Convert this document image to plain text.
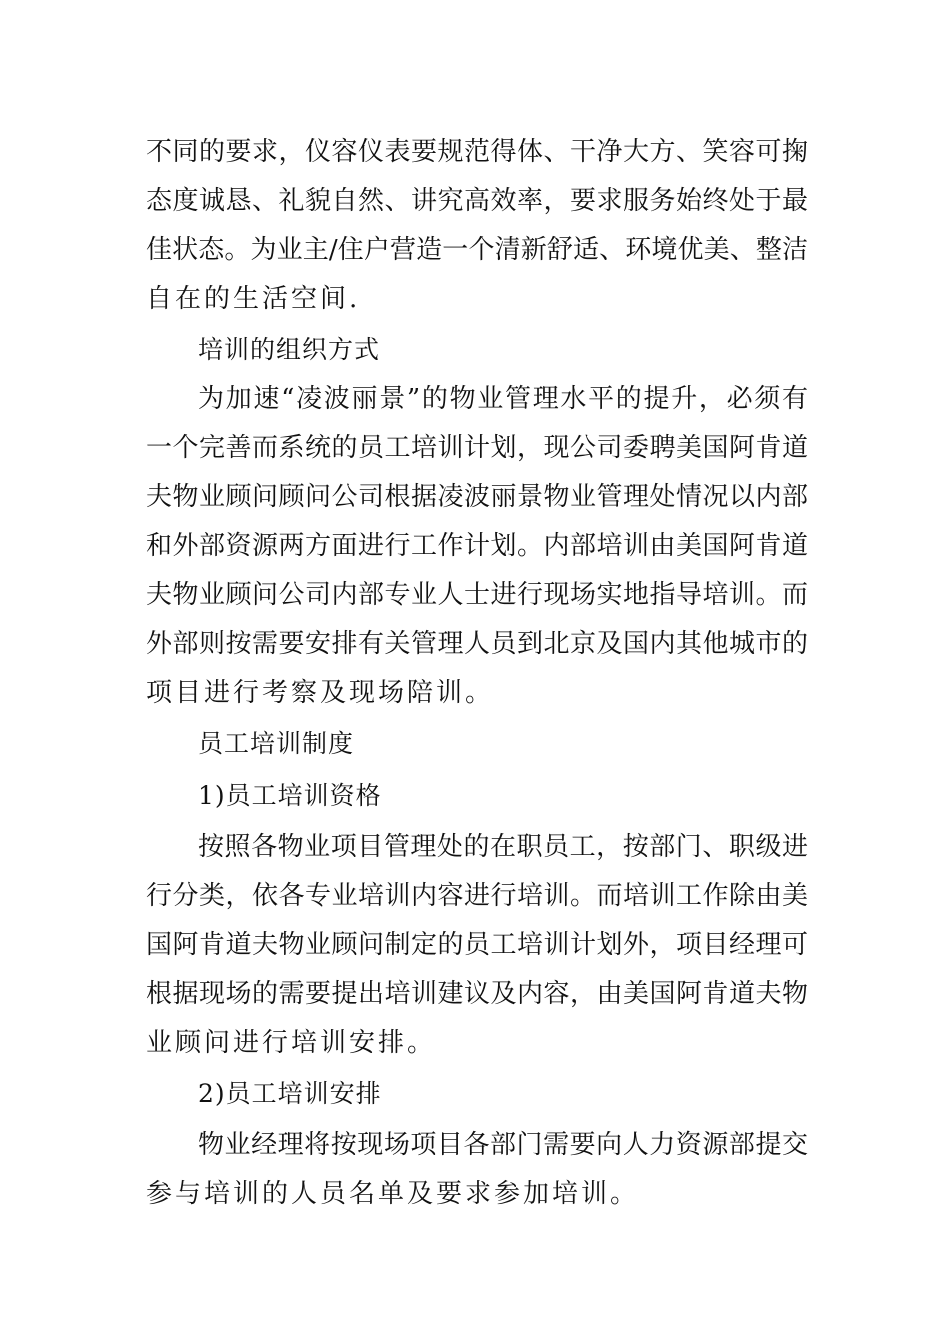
不同的要求，仪容仪表要规范得体、干净大方、笑容可掬
态度诚恳、礼貌自然、讲究高效率，要求服务始终处于最
佳状态。为业主/住户营造一个清新舒适、环境优美、整洁
自在的生活空间.
培训的组织方式
为加速“凌波丽景”的物业管理水平的提升，必须有
一个完善而系统的员工培训计划，现公司委聘美国阿肯道
夫物业顾问顾问公司根据凌波丽景物业管理处情况以内部
和外部资源两方面进行工作计划。内部培训由美国阿肯道
夫物业顾问公司内部专业人士进行现场实地指导培训。而
外部则按需要安排有关管理人员到北京及国内其他城市的
项目进行考察及现场陪训。
员工培训制度
1)员工培训资格
按照各物业项目管理处的在职员工，按部门、职级进
行分类，依各专业培训内容进行培训。而培训工作除由美
国阿肯道夫物业顾问制定的员工培训计划外，项目经理可
根据现场的需要提出培训建议及内容，由美国阿肯道夫物
业顾问进行培训安排。
2)员工培训安排
物业经理将按现场项目各部门需要向人力资源部提交
参与培训的人员名单及要求参加培训。
